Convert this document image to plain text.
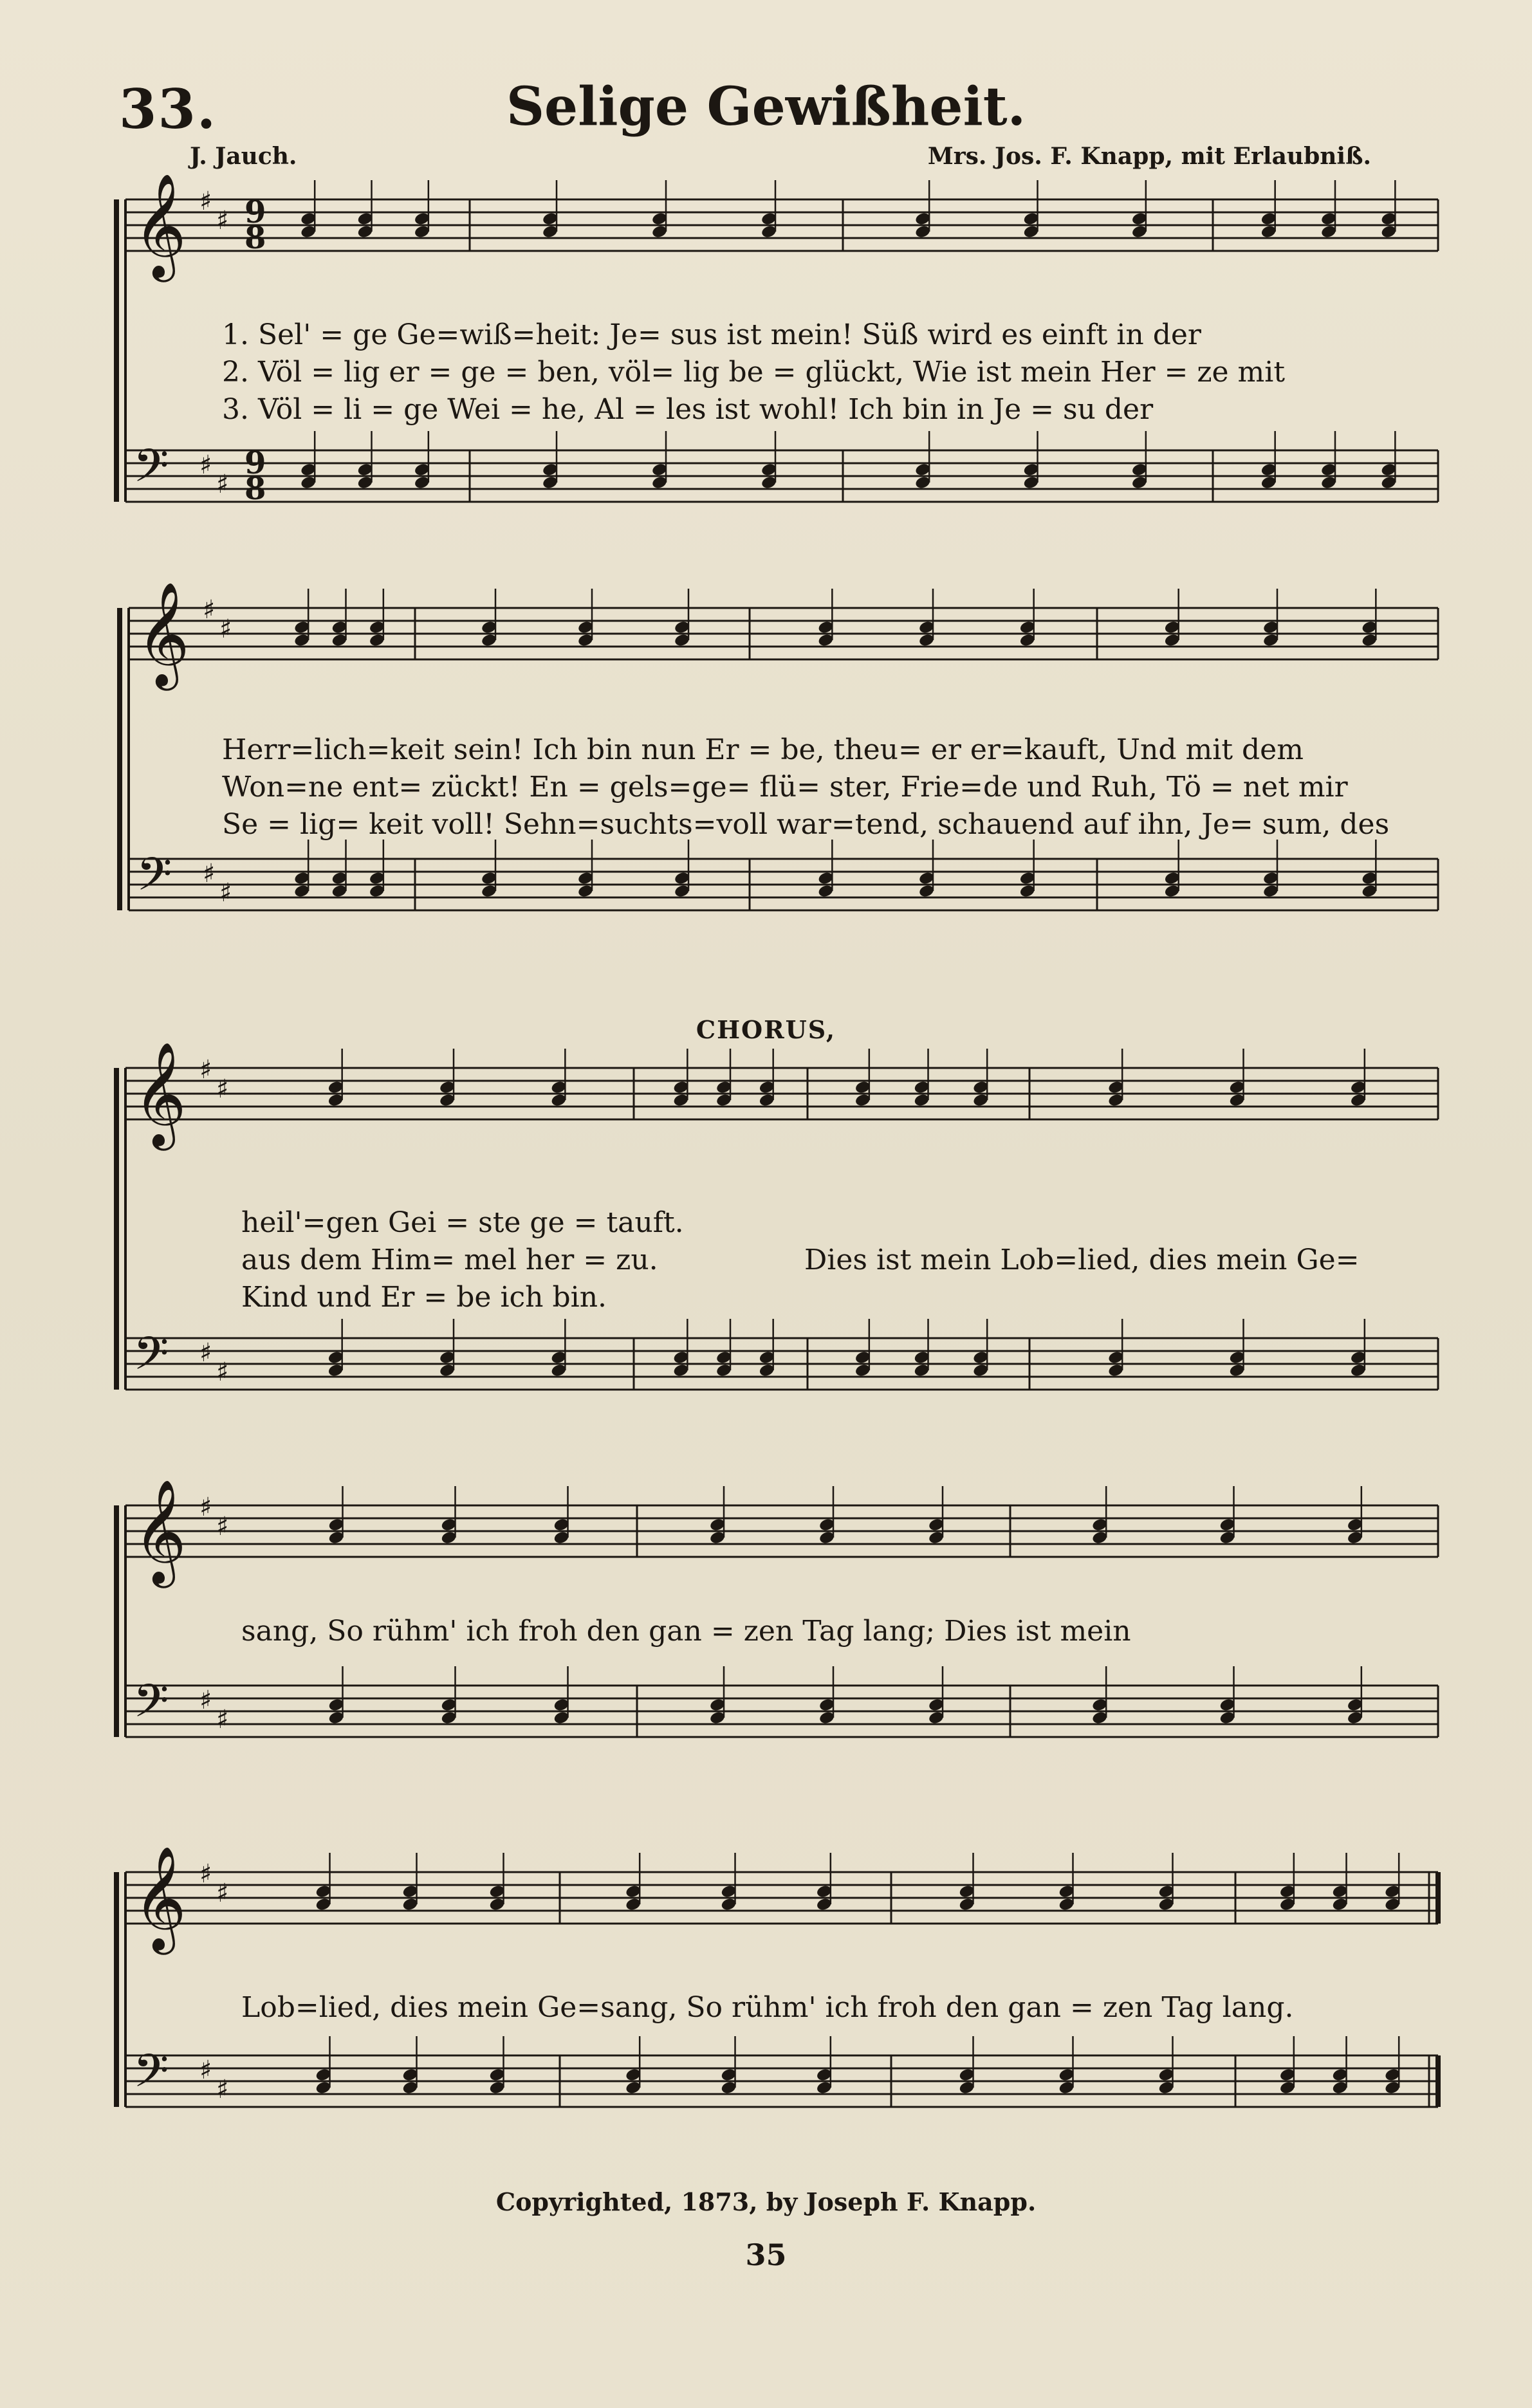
33.	Selige Gewißheit.
J. Jauch.	Mrs. Jos. F. Knapp, mit Erlaubniß.
𝄞 ♯
♯
𝄢 ♯
♯
9
9
8
8
𝄞 ♯
♯
𝄢 ♯
♯
𝄞 ♯
♯
𝄢 ♯
♯
𝄞 ♯
♯
𝄢 ♯
♯
𝄞 ♯
♯
𝄢 ♯
♯
1. Sel' = ge Ge=wiß=heit: Je= sus ist mein! Süß wird es einft in der
2. Völ = lig er = ge = ben, völ= lig be = glückt, Wie ist mein Her = ze mit
3. Völ = li = ge Wei = he, Al = les ist wohl! Ich bin in Je = su der
Herr=lich=keit sein! Ich bin nun Er = be, theu= er er=kauft, Und mit dem
Won=ne ent= zückt! En = gels=ge= flü= ster, Frie=de und Ruh, Tö = net mir
Se = lig= keit voll! Sehn=suchts=voll war=tend, schauend auf ihn, Je= sum, des
CHORUS,
heil'=gen Gei = ste ge = tauft.
aus dem Him= mel her = zu.
Kind und Er = be ich bin.
Dies ist mein Lob=lied, dies mein Ge=
sang, So rühm' ich froh den gan = zen Tag lang; Dies ist mein
Lob=lied, dies mein Ge=sang, So rühm' ich froh den gan = zen Tag lang.
Copyrighted, 1873, by Joseph F. Knapp.
35
